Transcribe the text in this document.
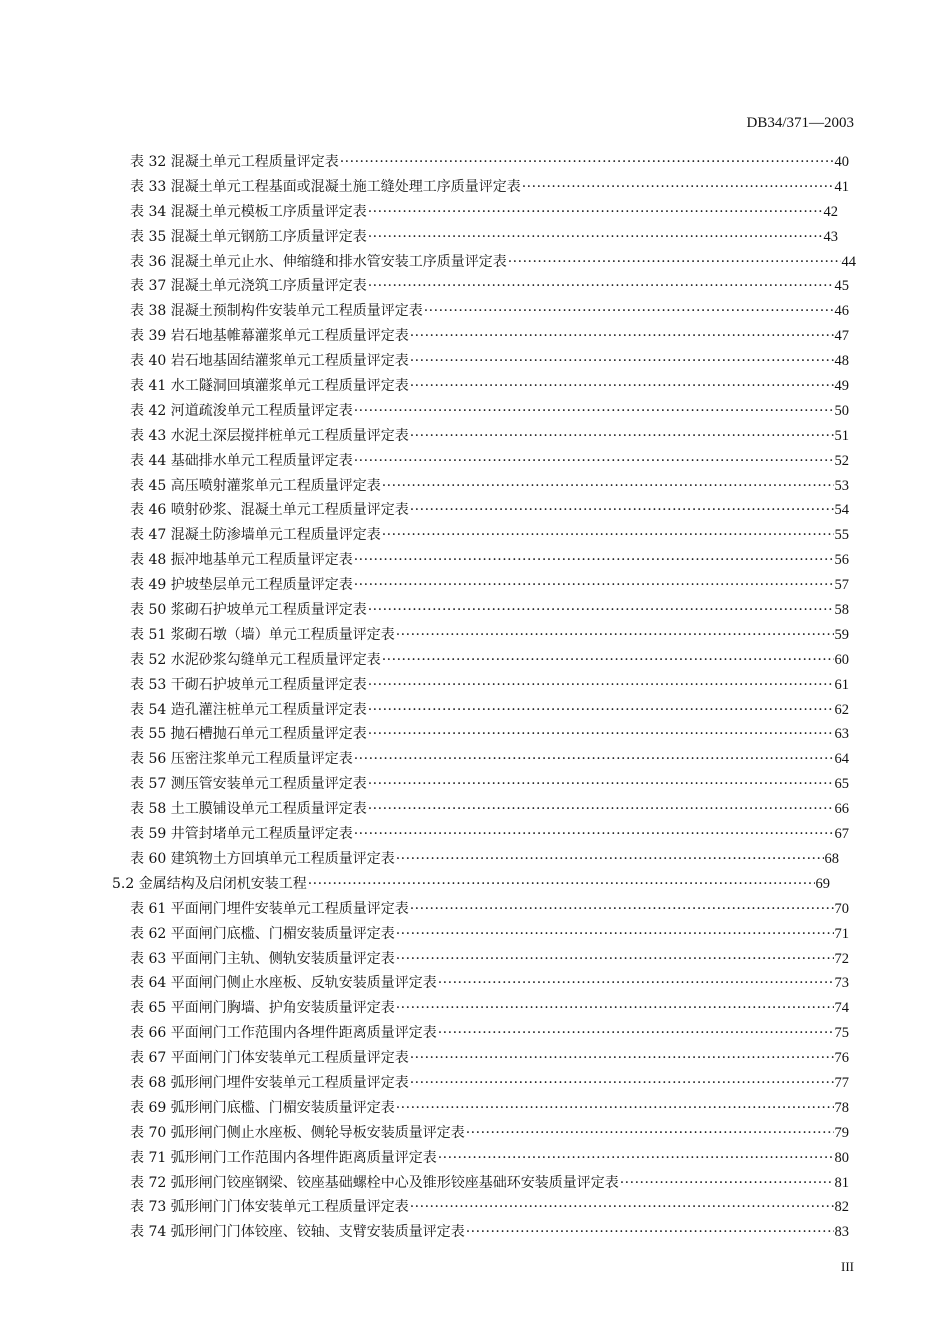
DB34/371—2003
表 32 混凝土单元工程质量评定表 ·····	40
表 33 混凝土单元工程基面或混凝土施工缝处理工序质量评定表 ·····	41
表 34 混凝土单元模板工序质量评定表 ·····	42
表 35 混凝土单元钢筋工序质量评定表 ·····	43
表 36 混凝土单元止水、伸缩缝和排水管安装工序质量评定表 ·····	44
表 37 混凝土单元浇筑工序质量评定表 ·····	45
表 38 混凝土预制构件安装单元工程质量评定表 ·····	46
表 39 岩石地基帷幕灌浆单元工程质量评定表 ·····	47
表 40 岩石地基固结灌浆单元工程质量评定表 ·····	48
表 41 水工隧洞回填灌浆单元工程质量评定表 ·····	49
表 42 河道疏浚单元工程质量评定表 ·····	50
表 43 水泥土深层搅拌桩单元工程质量评定表 ·····	51
表 44 基础排水单元工程质量评定表 ·····	52
表 45 高压喷射灌浆单元工程质量评定表 ·····	53
表 46 喷射砂浆、混凝土单元工程质量评定表 ·····	54
表 47 混凝土防渗墙单元工程质量评定表 ·····	55
表 48 振冲地基单元工程质量评定表 ·····	56
表 49 护坡垫层单元工程质量评定表 ·····	57
表 50 浆砌石护坡单元工程质量评定表 ·····	58
表 51 浆砌石墩（墙）单元工程质量评定表 ·····	59
表 52 水泥砂浆勾缝单元工程质量评定表 ·····	60
表 53 干砌石护坡单元工程质量评定表 ·····	61
表 54 造孔灌注桩单元工程质量评定表 ·····	62
表 55 抛石槽抛石单元工程质量评定表 ·····	63
表 56 压密注浆单元工程质量评定表 ·····	64
表 57 测压管安装单元工程质量评定表 ·····	65
表 58 土工膜铺设单元工程质量评定表 ·····	66
表 59 井管封堵单元工程质量评定表 ·····	67
表 60 建筑物土方回填单元工程质量评定表 ·····	68
5.2 金属结构及启闭机安装工程 ·····	69
表 61 平面闸门埋件安装单元工程质量评定表 ·····	70
表 62 平面闸门底槛、门楣安装质量评定表 ·····	71
表 63 平面闸门主轨、侧轨安装质量评定表 ·····	72
表 64 平面闸门侧止水座板、反轨安装质量评定表 ·····	73
表 65 平面闸门胸墙、护角安装质量评定表 ·····	74
表 66 平面闸门工作范围内各埋件距离质量评定表 ·····	75
表 67 平面闸门门体安装单元工程质量评定表 ·····	76
表 68 弧形闸门埋件安装单元工程质量评定表 ·····	77
表 69 弧形闸门底槛、门楣安装质量评定表 ·····	78
表 70 弧形闸门侧止水座板、侧轮导板安装质量评定表 ·····	79
表 71 弧形闸门工作范围内各埋件距离质量评定表 ·····	80
表 72 弧形闸门铰座钢梁、铰座基础螺栓中心及锥形铰座基础环安装质量评定表 ·····	81
表 73 弧形闸门门体安装单元工程质量评定表 ·····	82
表 74 弧形闸门门体铰座、铰轴、支臂安装质量评定表 ·····	83
III
